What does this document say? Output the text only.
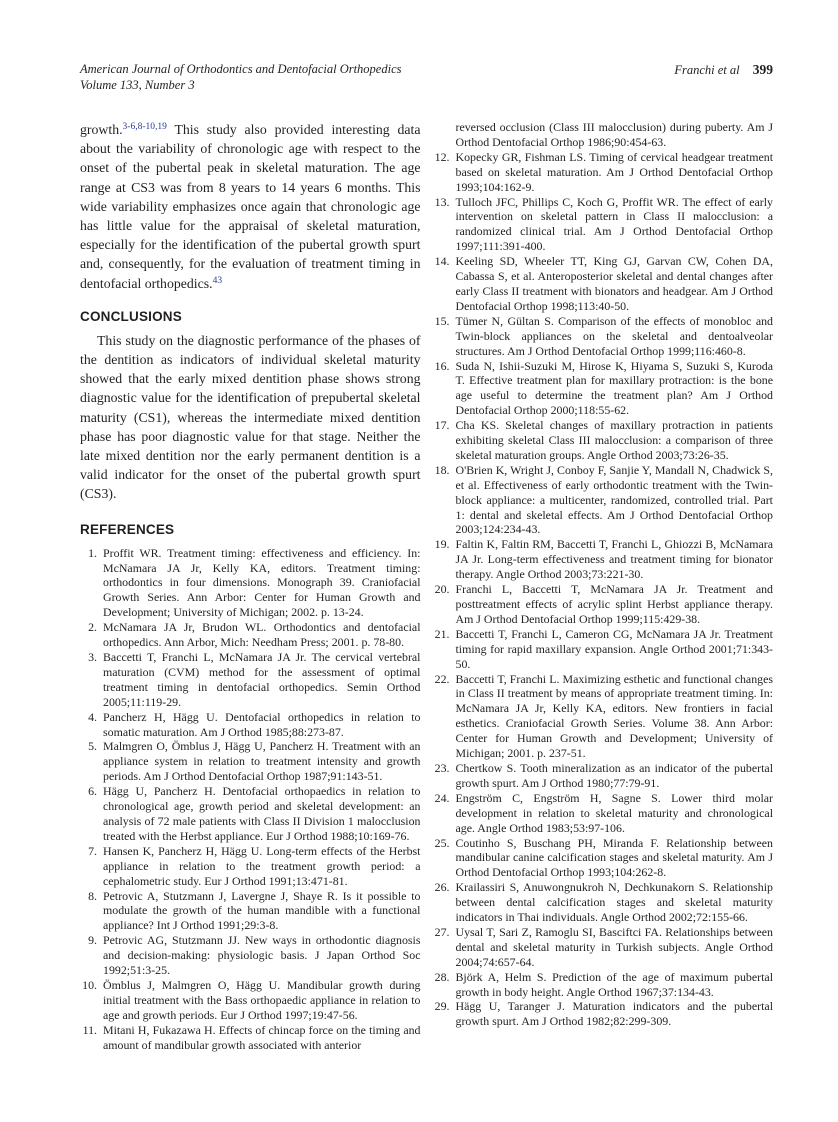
American Journal of Orthodontics and Dentofacial Orthopedics
Volume 133, Number 3
Franchi et al 399

growth.$^{3-6,8-10,19}$ This study also provided interesting data about the variability of chronologic age with respect to the onset of the pubertal peak in skeletal maturation. The age range at CS3 was from 8 years to 14 years 6 months. This wide variability emphasizes once again that chronologic age has little value for the appraisal of skeletal maturation, especially for the identification of the pubertal growth spurt and, consequently, for the evaluation of treatment timing in dentofacial orthopedics.$^{43}$

CONCLUSIONS

This study on the diagnostic performance of the phases of the dentition as indicators of individual skeletal maturity showed that the early mixed dentition phase shows strong diagnostic value for the identification of prepubertal skeletal maturity (CS1), whereas the intermediate mixed dentition phase has poor diagnostic value for that stage. Neither the late mixed dentition nor the early permanent dentition is a valid indicator for the onset of the pubertal growth spurt (CS3).

REFERENCES
1. Proffit WR. Treatment timing: effectiveness and efficiency. In: McNamara JA Jr, Kelly KA, editors. Treatment timing: orthodontics in four dimensions. Monograph 39. Craniofacial Growth Series. Ann Arbor: Center for Human Growth and Development; University of Michigan; 2002. p. 13-24.
2. McNamara JA Jr, Brudon WL. Orthodontics and dentofacial orthopedics. Ann Arbor, Mich: Needham Press; 2001. p. 78-80.
3. Baccetti T, Franchi L, McNamara JA Jr. The cervical vertebral maturation (CVM) method for the assessment of optimal treatment timing in dentofacial orthopedics. Semin Orthod 2005;11:119-29.
4. Pancherz H, Hägg U. Dentofacial orthopedics in relation to somatic maturation. Am J Orthod 1985;88:273-87.
5. Malmgren O, Ömblus J, Hägg U, Pancherz H. Treatment with an appliance system in relation to treatment intensity and growth periods. Am J Orthod Dentofacial Orthop 1987;91:143-51.
6. Hägg U, Pancherz H. Dentofacial orthopaedics in relation to chronological age, growth period and skeletal development: an analysis of 72 male patients with Class II Division 1 malocclusion treated with the Herbst appliance. Eur J Orthod 1988;10:169-76.
7. Hansen K, Pancherz H, Hägg U. Long-term effects of the Herbst appliance in relation to the treatment growth period: a cephalometric study. Eur J Orthod 1991;13:471-81.
8. Petrovic A, Stutzmann J, Lavergne J, Shaye R. Is it possible to modulate the growth of the human mandible with a functional appliance? Int J Orthod 1991;29:3-8.
9. Petrovic AG, Stutzmann JJ. New ways in orthodontic diagnosis and decision-making: physiologic basis. J Japan Orthod Soc 1992;51:3-25.
10. Ömblus J, Malmgren O, Hägg U. Mandibular growth during initial treatment with the Bass orthopaedic appliance in relation to age and growth periods. Eur J Orthod 1997;19:47-56.
11. Mitani H, Fukazawa H. Effects of chincap force on the timing and amount of mandibular growth associated with anterior

reversed occlusion (Class III malocclusion) during puberty. Am J Orthod Dentofacial Orthop 1986;90:454-63.

12. Kopecky GR, Fishman LS. Timing of cervical headgear treatment based on skeletal maturation. Am J Orthod Dentofacial Orthop 1993;104:162-9.
13. Tulloch JFC, Phillips C, Koch G, Proffit WR. The effect of early intervention on skeletal pattern in Class II malocclusion: a randomized clinical trial. Am J Orthod Dentofacial Orthop 1997;111:391-400.
14. Keeling SD, Wheeler TT, King GJ, Garvan CW, Cohen DA, Cabassa S, et al. Anteroposterior skeletal and dental changes after early Class II treatment with bionators and headgear. Am J Orthod Dentofacial Orthop 1998;113:40-50.
15. Tümer N, Gültan S. Comparison of the effects of monobloc and Twin-block appliances on the skeletal and dentoalveolar structures. Am J Orthod Dentofacial Orthop 1999;116:460-8.
16. Suda N, Ishii-Suzuki M, Hirose K, Hiyama S, Suzuki S, Kuroda T. Effective treatment plan for maxillary protraction: is the bone age useful to determine the treatment plan? Am J Orthod Dentofacial Orthop 2000;118:55-62.
17. Cha KS. Skeletal changes of maxillary protraction in patients exhibiting skeletal Class III malocclusion: a comparison of three skeletal maturation groups. Angle Orthod 2003;73:26-35.
18. O'Brien K, Wright J, Conboy F, Sanjie Y, Mandall N, Chadwick S, et al. Effectiveness of early orthodontic treatment with the Twin-block appliance: a multicenter, randomized, controlled trial. Part 1: dental and skeletal effects. Am J Orthod Dentofacial Orthop 2003;124:234-43.
19. Faltin K, Faltin RM, Baccetti T, Franchi L, Ghiozzi B, McNamara JA Jr. Long-term effectiveness and treatment timing for bionator therapy. Angle Orthod 2003;73:221-30.
20. Franchi L, Baccetti T, McNamara JA Jr. Treatment and posttreatment effects of acrylic splint Herbst appliance therapy. Am J Orthod Dentofacial Orthop 1999;115:429-38.
21. Baccetti T, Franchi L, Cameron CG, McNamara JA Jr. Treatment timing for rapid maxillary expansion. Angle Orthod 2001;71:343-50.
22. Baccetti T, Franchi L. Maximizing esthetic and functional changes in Class II treatment by means of appropriate treatment timing. In: McNamara JA Jr, Kelly KA, editors. New frontiers in facial esthetics. Craniofacial Growth Series. Volume 38. Ann Arbor: Center for Human Growth and Development; University of Michigan; 2001. p. 237-51.
23. Chertkow S. Tooth mineralization as an indicator of the pubertal growth spurt. Am J Orthod 1980;77:79-91.
24. Engström C, Engström H, Sagne S. Lower third molar development in relation to skeletal maturity and chronological age. Angle Orthod 1983;53:97-106.
25. Coutinho S, Buschang PH, Miranda F. Relationship between mandibular canine calcification stages and skeletal maturity. Am J Orthod Dentofacial Orthop 1993;104:262-8.
26. Krailassiri S, Anuwongnukroh N, Dechkunakorn S. Relationship between dental calcification stages and skeletal maturity indicators in Thai individuals. Angle Orthod 2002;72:155-66.
27. Uysal T, Sari Z, Ramoglu SI, Basciftci FA. Relationships between dental and skeletal maturity in Turkish subjects. Angle Orthod 2004;74:657-64.
28. Björk A, Helm S. Prediction of the age of maximum pubertal growth in body height. Angle Orthod 1967;37:134-43.
29. Hägg U, Taranger J. Maturation indicators and the pubertal growth spurt. Am J Orthod 1982;82:299-309.
